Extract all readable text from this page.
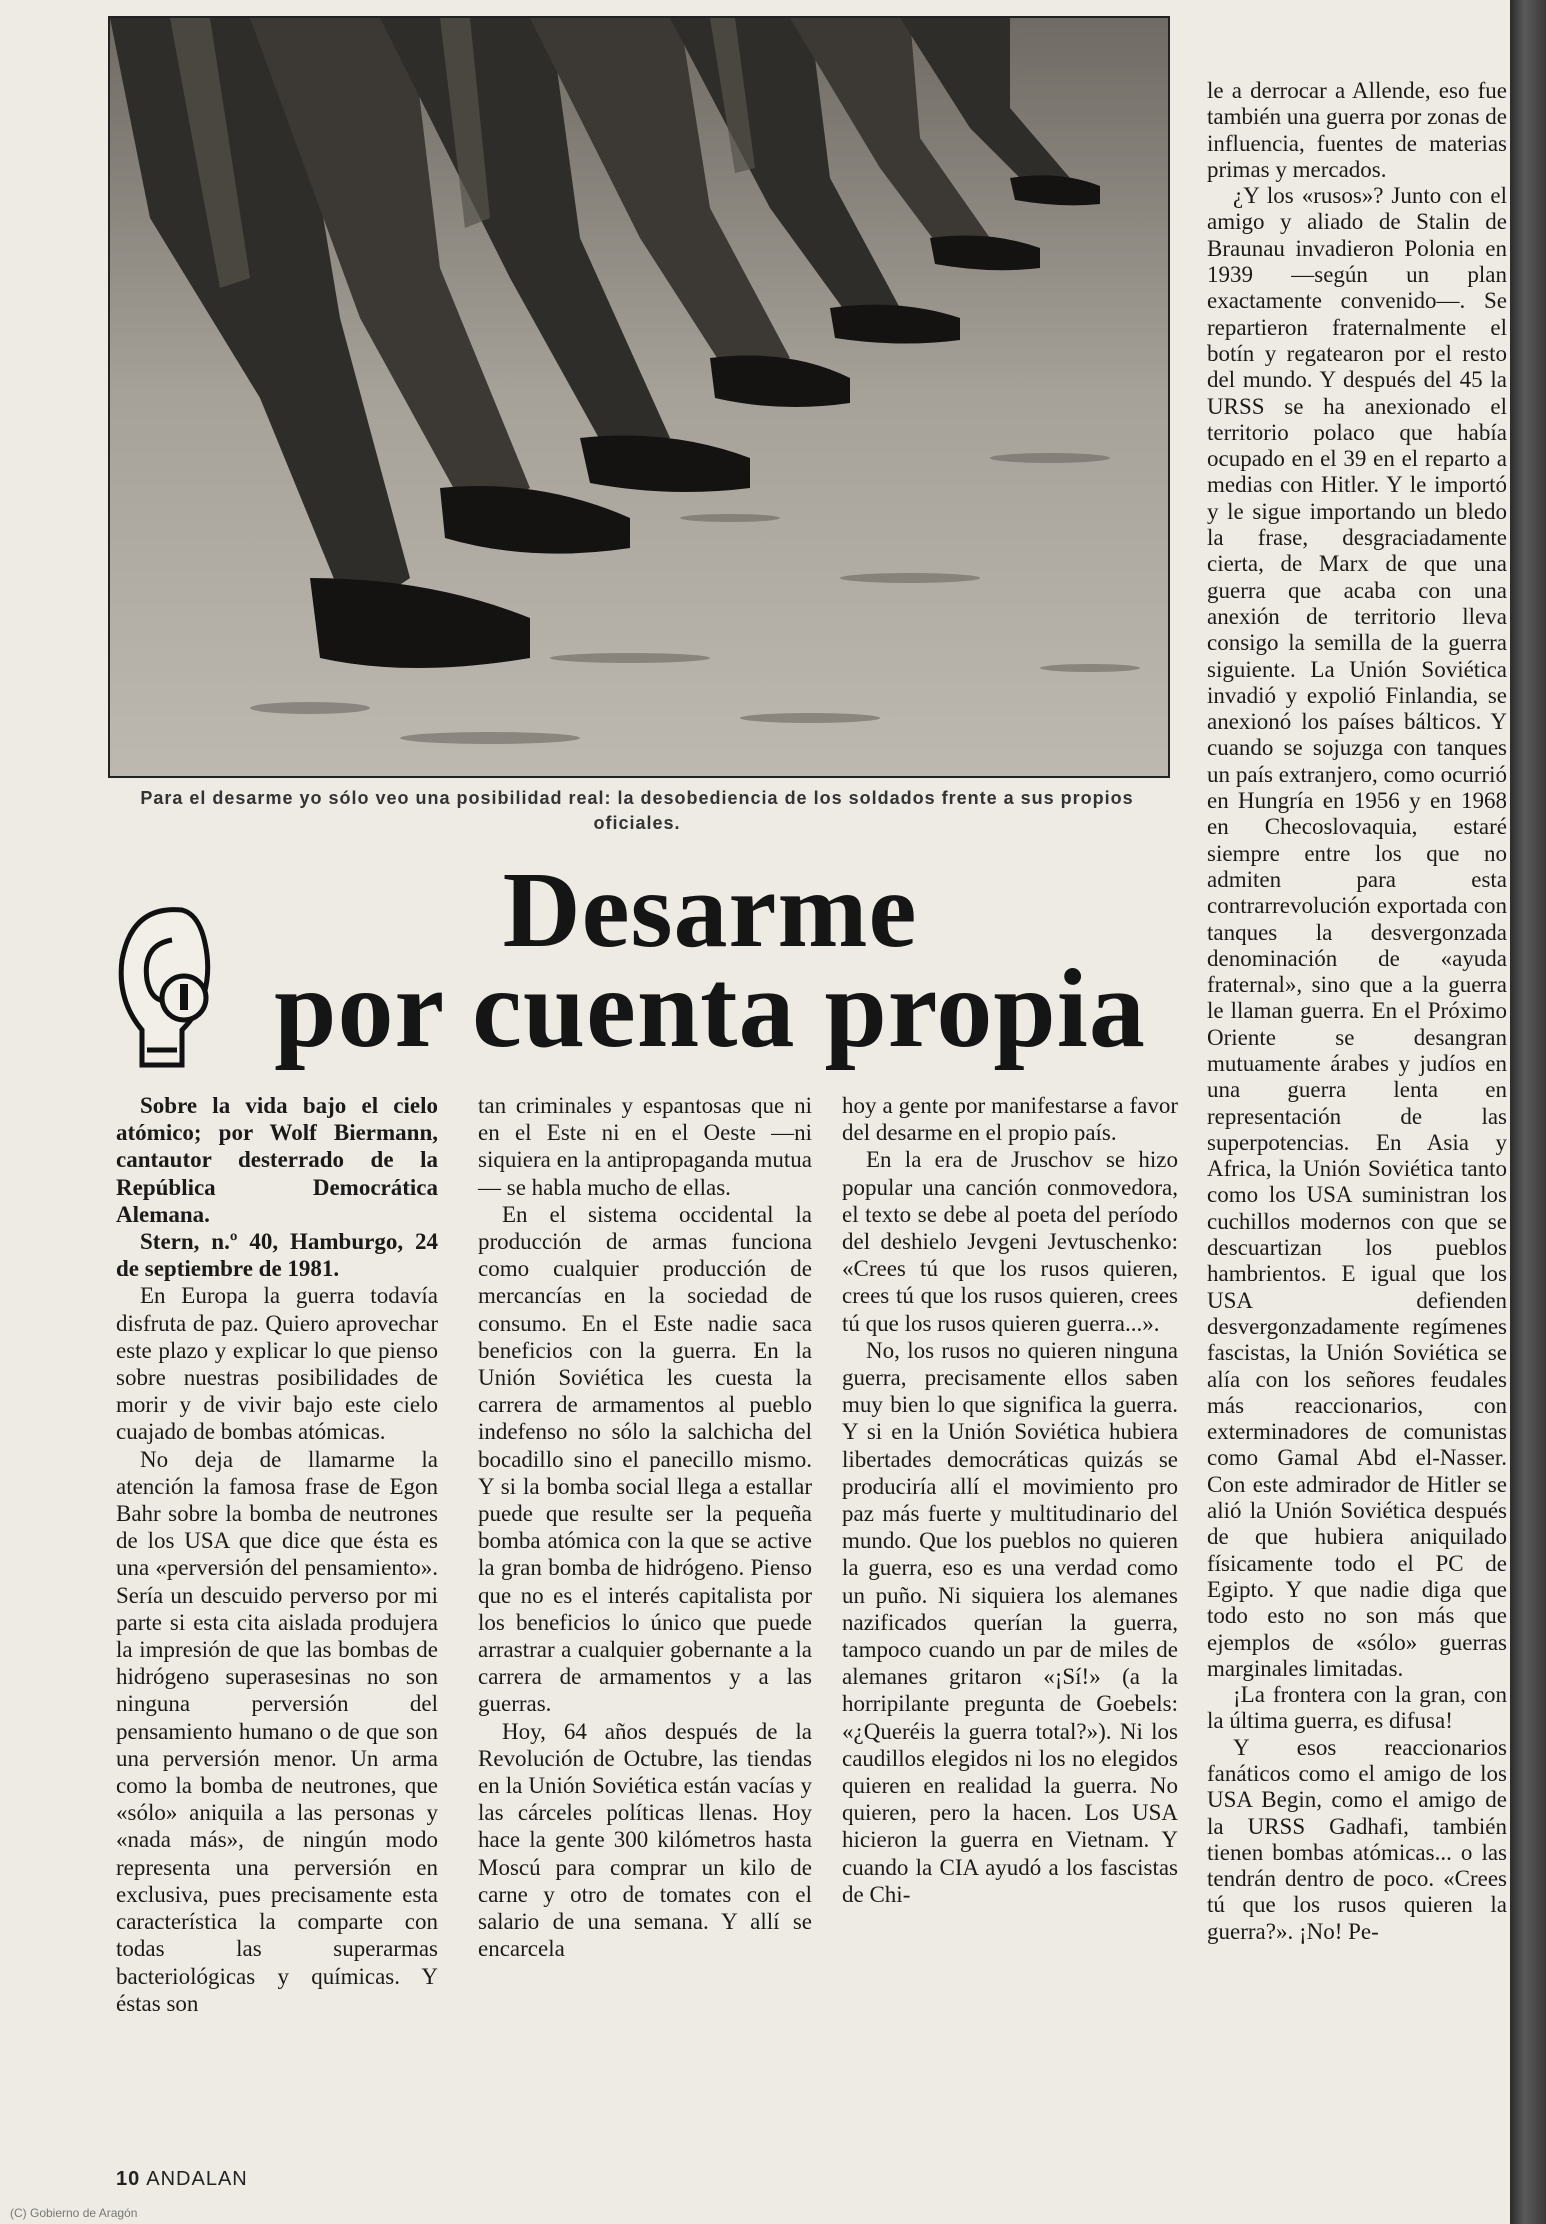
Para el desarme yo sólo veo una posibilidad real: la desobediencia de los soldados frente a sus propios oficiales.
Desarme
por cuenta propia

Sobre la vida bajo el cielo atómico; por Wolf Biermann, cantautor desterrado de la República Democrática Alemana.

Stern, n.º 40, Hamburgo, 24 de septiembre de 1981.

En Europa la guerra todavía disfruta de paz. Quiero aprovechar este plazo y explicar lo que pienso sobre nuestras posibilidades de morir y de vivir bajo este cielo cuajado de bombas atómicas.

No deja de llamarme la atención la famosa frase de Egon Bahr sobre la bomba de neutrones de los USA que dice que ésta es una «perversión del pensamiento». Sería un descuido perverso por mi parte si esta cita aislada produjera la impresión de que las bombas de hidrógeno superasesinas no son ninguna perversión del pensamiento humano o de que son una perversión menor. Un arma como la bomba de neutrones, que «sólo» aniquila a las personas y «nada más», de ningún modo representa una perversión en exclusiva, pues precisamente esta característica la comparte con todas las superarmas bacteriológicas y químicas. Y éstas son

tan criminales y espantosas que ni en el Este ni en el Oeste —ni siquiera en la antipropaganda mutua— se habla mucho de ellas.

En el sistema occidental la producción de armas funciona como cualquier producción de mercancías en la sociedad de consumo. En el Este nadie saca beneficios con la guerra. En la Unión Soviética les cuesta la carrera de armamentos al pueblo indefenso no sólo la salchicha del bocadillo sino el panecillo mismo. Y si la bomba social llega a estallar puede que resulte ser la pequeña bomba atómica con la que se active la gran bomba de hidrógeno. Pienso que no es el interés capitalista por los beneficios lo único que puede arrastrar a cualquier gobernante a la carrera de armamentos y a las guerras.

Hoy, 64 años después de la Revolución de Octubre, las tiendas en la Unión Soviética están vacías y las cárceles políticas llenas. Hoy hace la gente 300 kilómetros hasta Moscú para comprar un kilo de carne y otro de tomates con el salario de una semana. Y allí se encarcela

hoy a gente por manifestarse a favor del desarme en el propio país.

En la era de Jruschov se hizo popular una canción conmovedora, el texto se debe al poeta del período del deshielo Jevgeni Jevtuschenko: «Crees tú que los rusos quieren, crees tú que los rusos quieren, crees tú que los rusos quieren guerra...».

No, los rusos no quieren ninguna guerra, precisamente ellos saben muy bien lo que significa la guerra. Y si en la Unión Soviética hubiera libertades democráticas quizás se produciría allí el movimiento pro paz más fuerte y multitudinario del mundo. Que los pueblos no quieren la guerra, eso es una verdad como un puño. Ni siquiera los alemanes nazificados querían la guerra, tampoco cuando un par de miles de alemanes gritaron «¡Sí!» (a la horripilante pregunta de Goebels: «¿Queréis la guerra total?»). Ni los caudillos elegidos ni los no elegidos quieren en realidad la guerra. No quieren, pero la hacen. Los USA hicieron la guerra en Vietnam. Y cuando la CIA ayudó a los fascistas de Chi-

le a derrocar a Allende, eso fue también una guerra por zonas de influencia, fuentes de materias primas y mercados.

¿Y los «rusos»? Junto con el amigo y aliado de Stalin de Braunau invadieron Polonia en 1939 —según un plan exactamente convenido—. Se repartieron fraternalmente el botín y regatearon por el resto del mundo. Y después del 45 la URSS se ha anexionado el territorio polaco que había ocupado en el 39 en el reparto a medias con Hitler. Y le importó y le sigue importando un bledo la frase, desgraciadamente cierta, de Marx de que una guerra que acaba con una anexión de territorio lleva consigo la semilla de la guerra siguiente. La Unión Soviética invadió y expolió Finlandia, se anexionó los países bálticos. Y cuando se sojuzga con tanques un país extranjero, como ocurrió en Hungría en 1956 y en 1968 en Checoslovaquia, estaré siempre entre los que no admiten para esta contrarrevolución exportada con tanques la desvergonzada denominación de «ayuda fraternal», sino que a la guerra le llaman guerra. En el Próximo Oriente se desangran mutuamente árabes y judíos en una guerra lenta en representación de las superpotencias. En Asia y Africa, la Unión Soviética tanto como los USA suministran los cuchillos modernos con que se descuartizan los pueblos hambrientos. E igual que los USA defienden desvergonzadamente regímenes fascistas, la Unión Soviética se alía con los señores feudales más reaccionarios, con exterminadores de comunistas como Gamal Abd el-Nasser. Con este admirador de Hitler se alió la Unión Soviética después de que hubiera aniquilado físicamente todo el PC de Egipto. Y que nadie diga que todo esto no son más que ejemplos de «sólo» guerras marginales limitadas.

¡La frontera con la gran, con la última guerra, es difusa!

Y esos reaccionarios fanáticos como el amigo de los USA Begin, como el amigo de la URSS Gadhafi, también tienen bombas atómicas... o las tendrán dentro de poco. «Crees tú que los rusos quieren la guerra?». ¡No! Pe-

10 ANDALAN
(C) Gobierno de Aragón
